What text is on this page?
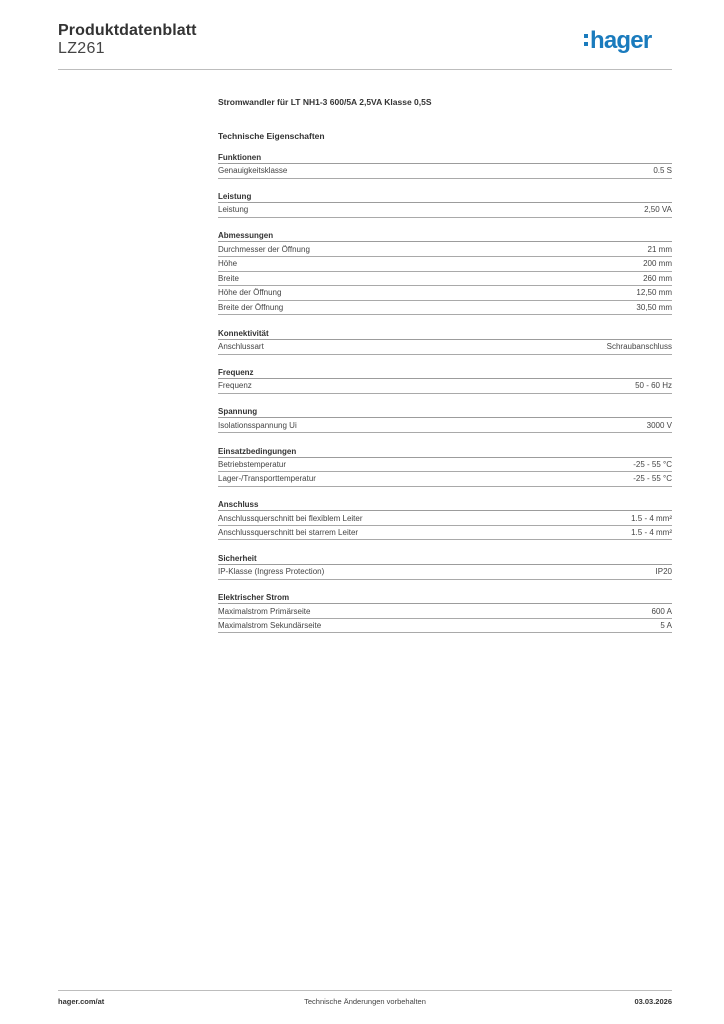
Produktdatenblatt
LZ261	hager
Stromwandler für LT NH1-3 600/5A 2,5VA Klasse 0,5S
Technische Eigenschaften
Funktionen
Genauigkeitsklasse	0.5 S
Leistung
Leistung	2,50 VA
Abmessungen
Durchmesser der Öffnung	21 mm
Höhe	200 mm
Breite	260 mm
Höhe der Öffnung	12,50 mm
Breite der Öffnung	30,50 mm
Konnektivität
Anschlussart	Schraubanschluss
Frequenz
Frequenz	50 - 60 Hz
Spannung
Isolationsspannung Ui	3000 V
Einsatzbedingungen
Betriebstemperatur	-25 - 55 °C
Lager-/Transporttemperatur	-25 - 55 °C
Anschluss
Anschlussquerschnitt bei flexiblem Leiter	1.5 - 4 mm²
Anschlussquerschnitt bei starrem Leiter	1.5 - 4 mm²
Sicherheit
IP-Klasse (Ingress Protection)	IP20
Elektrischer Strom
Maximalstrom Primärseite	600 A
Maximalstrom Sekundärseite	5 A
hager.com/at	Technische Änderungen vorbehalten	03.03.2026
